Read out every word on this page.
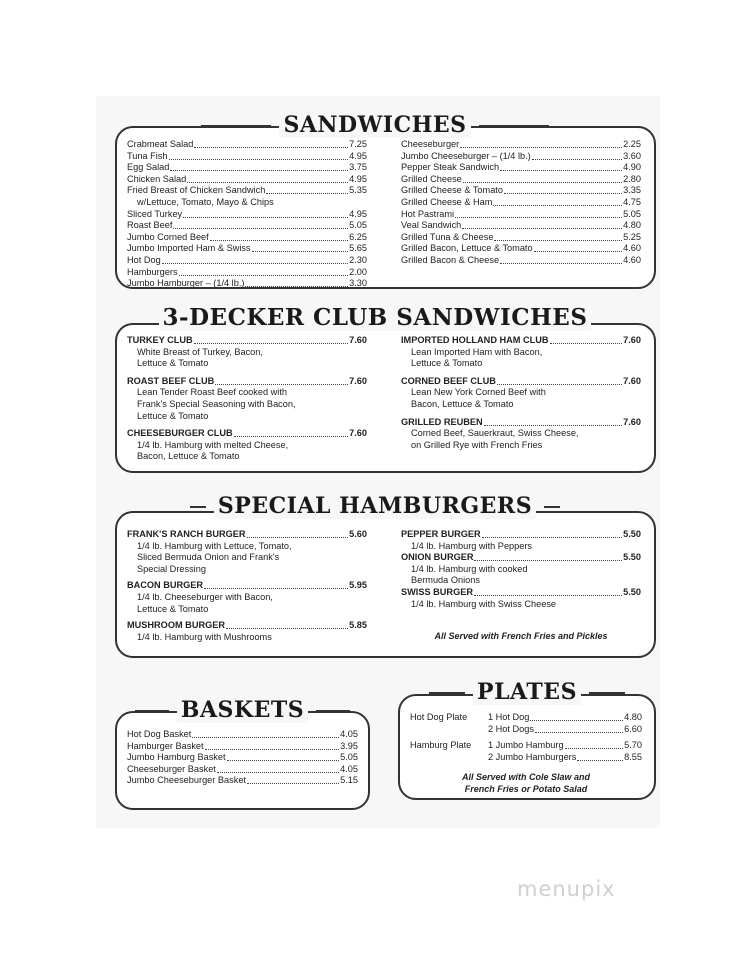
SANDWICHES
Crabmeat Salad	7.25
Tuna Fish	4.95
Egg Salad	3.75
Chicken Salad	4.95
Fried Breast of Chicken Sandwich	5.35
w/Lettuce, Tomato, Mayo & Chips
Sliced Turkey	4.95
Roast Beef	5.05
Jumbo Corned Beef	6.25
Jumbo Imported Ham & Swiss	5.65
Hot Dog	2.30
Hamburgers	2.00
Jumbo Hamburger – (1/4 lb.)	3.30
Cheeseburger	2.25
Jumbo Cheeseburger – (1/4 lb.)	3.60
Pepper Steak Sandwich	4.90
Grilled Cheese	2.80
Grilled Cheese & Tomato	3.35
Grilled Cheese & Ham	4.75
Hot Pastrami	5.05
Veal Sandwich	4.80
Grilled Tuna & Cheese	5.25
Grilled Bacon, Lettuce & Tomato	4.60
Grilled Bacon & Cheese	4.60
3-DECKER CLUB SANDWICHES
TURKEY CLUB	7.60
White Breast of Turkey, Bacon,
Lettuce & Tomato
ROAST BEEF CLUB	7.60
Lean Tender Roast Beef cooked with
Frank's Special Seasoning with Bacon,
Lettuce & Tomato
CHEESEBURGER CLUB	7.60
1/4 lb. Hamburg with melted Cheese,
Bacon, Lettuce & Tomato
IMPORTED HOLLAND HAM CLUB	7.60
Lean Imported Ham with Bacon,
Lettuce & Tomato
CORNED BEEF CLUB	7.60
Lean New York Corned Beef with
Bacon, Lettuce & Tomato
GRILLED REUBEN	7.60
Corned Beef, Sauerkraut, Swiss Cheese,
on Grilled Rye with French Fries
SPECIAL HAMBURGERS
FRANK'S RANCH BURGER	5.60
1/4 lb. Hamburg with Lettuce, Tomato,
Sliced Bermuda Onion and Frank's
Special Dressing
BACON BURGER	5.95
1/4 lb. Cheeseburger with Bacon,
Lettuce & Tomato
MUSHROOM BURGER	5.85
1/4 lb. Hamburg with Mushrooms
PEPPER BURGER	5.50
1/4 lb. Hamburg with Peppers
ONION BURGER	5.50
1/4 lb. Hamburg with cooked
Bermuda Onions
SWISS BURGER	5.50
1/4 lb. Hamburg with Swiss Cheese
All Served with French Fries and Pickles
BASKETS
Hot Dog Basket	4.05
Hamburger Basket	3.95
Jumbo Hamburg Basket	5.05
Cheeseburger Basket	4.05
Jumbo Cheeseburger Basket	5.15
PLATES
Hot Dog Plate	1 Hot Dog	4.80
2 Hot Dogs	6.60
Hamburg Plate	1 Jumbo Hamburg	5.70
2 Jumbo Hamburgers	8.55
All Served with Cole Slaw and
French Fries or Potato Salad
menupix
